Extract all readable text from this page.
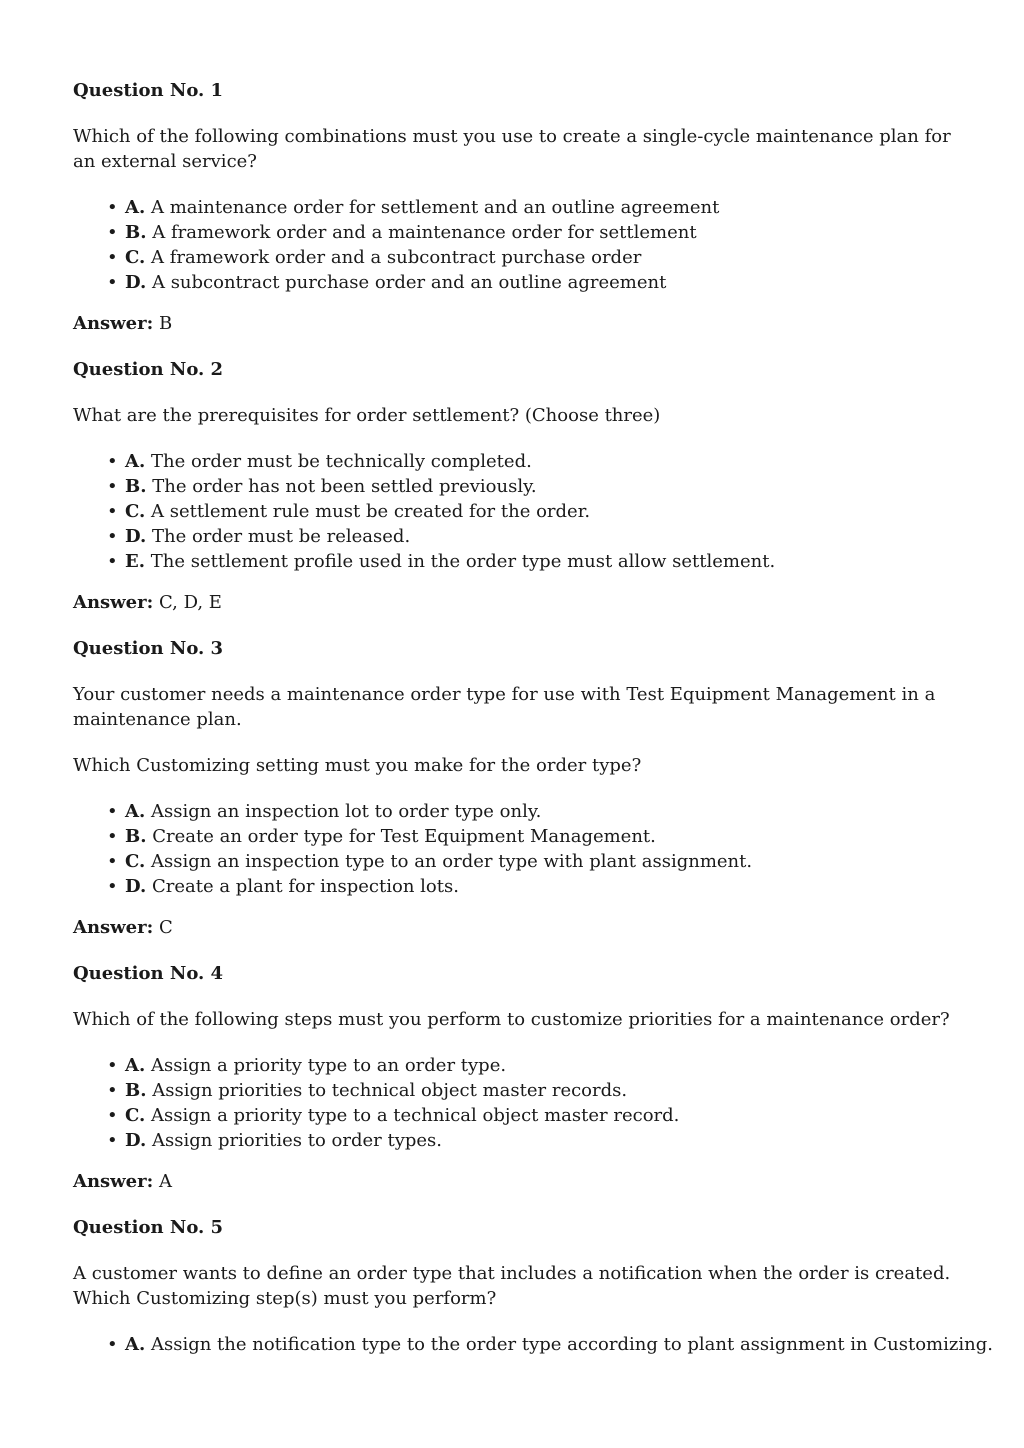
Question No. 1

Which of the following combinations must you use to create a single-cycle maintenance plan for an external service?

• A. A maintenance order for settlement and an outline agreement
• B. A framework order and a maintenance order for settlement
• C. A framework order and a subcontract purchase order
• D. A subcontract purchase order and an outline agreement

Answer: B

Question No. 2

What are the prerequisites for order settlement? (Choose three)

• A. The order must be technically completed.
• B. The order has not been settled previously.
• C. A settlement rule must be created for the order.
• D. The order must be released.
• E. The settlement profile used in the order type must allow settlement.

Answer: C, D, E

Question No. 3

Your customer needs a maintenance order type for use with Test Equipment Management in a maintenance plan.

Which Customizing setting must you make for the order type?

• A. Assign an inspection lot to order type only.
• B. Create an order type for Test Equipment Management.
• C. Assign an inspection type to an order type with plant assignment.
• D. Create a plant for inspection lots.

Answer: C

Question No. 4

Which of the following steps must you perform to customize priorities for a maintenance order?

• A. Assign a priority type to an order type.
• B. Assign priorities to technical object master records.
• C. Assign a priority type to a technical object master record.
• D. Assign priorities to order types.

Answer: A

Question No. 5

A customer wants to define an order type that includes a notification when the order is created. Which Customizing step(s) must you perform?

• A. Assign the notification type to the order type according to plant assignment in Customizing.
